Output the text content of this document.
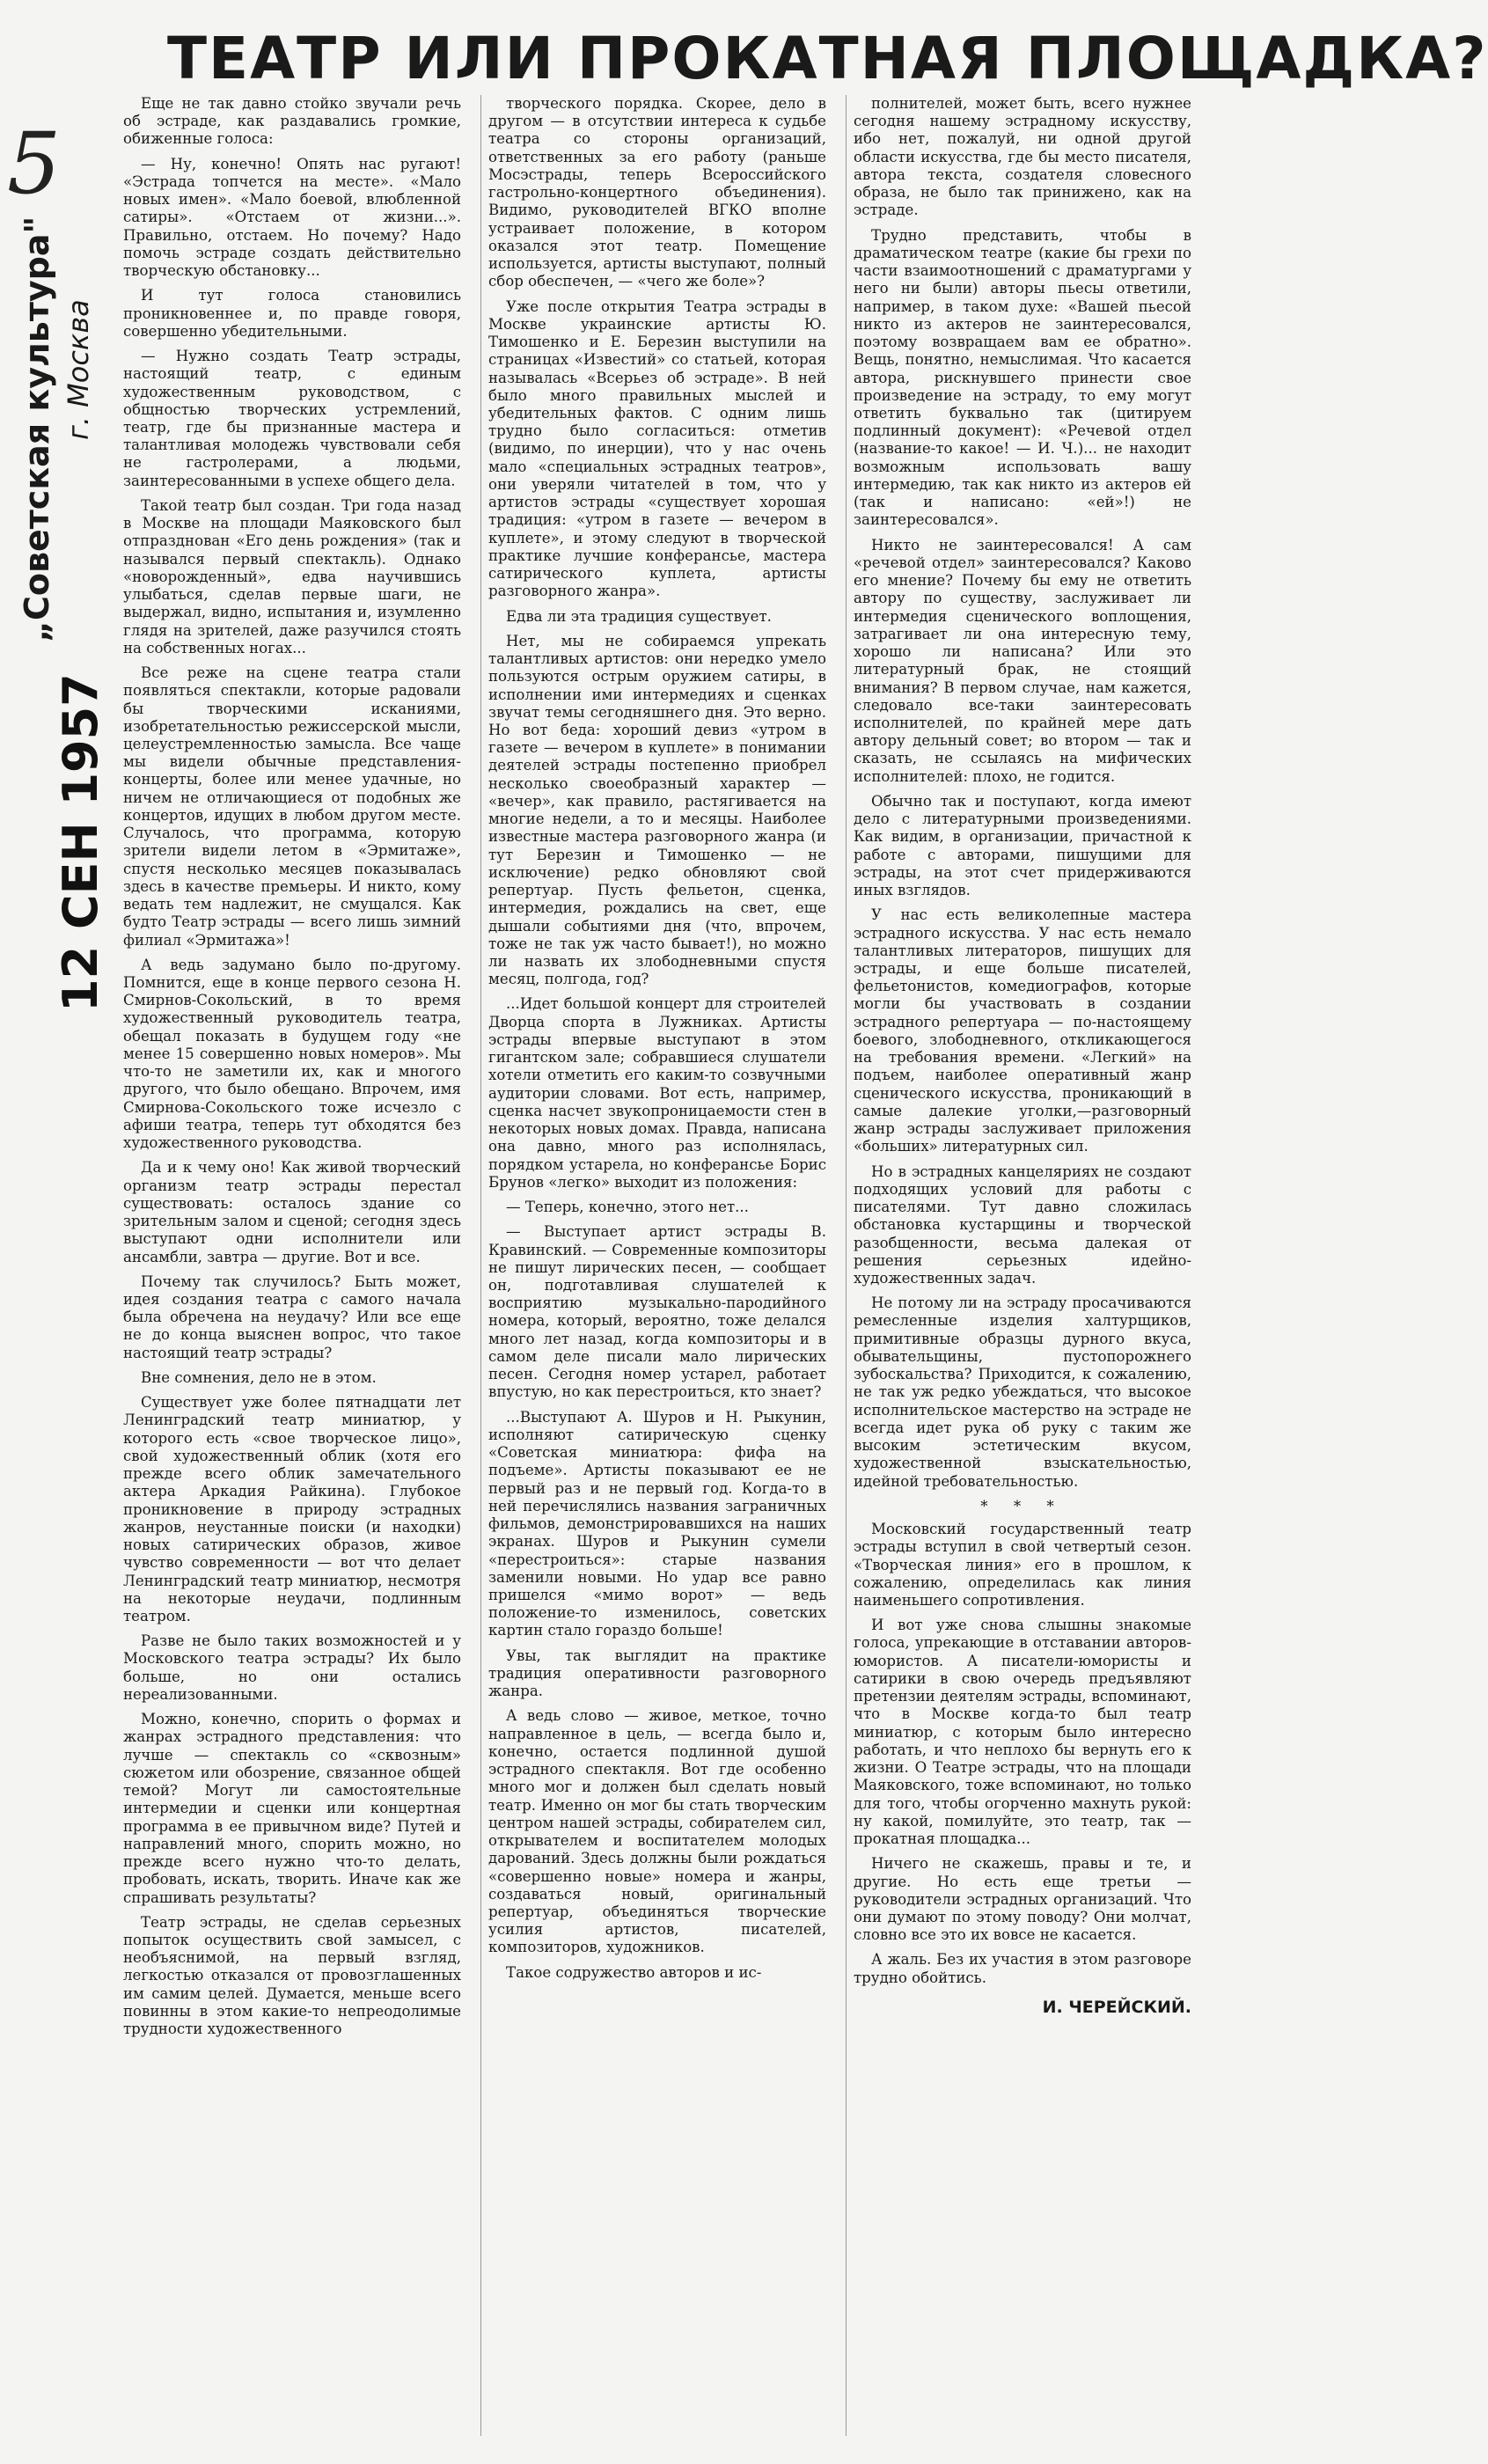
ТЕАТР ИЛИ ПРОКАТНАЯ ПЛОЩАДКА?
5
„Советская культура" г. Москва
12 СЕН 1957

Еще не так давно стойко звучали речь об эстраде, как раздавались громкие, обиженные голоса:

— Ну, конечно! Опять нас ругают! «Эстрада топчется на месте». «Мало новых имен». «Мало боевой, влюбленной сатиры». «Отстаем от жизни...». Правильно, отстаем. Но почему? Надо помочь эстраде создать действительно творческую обстановку...

И тут голоса становились проникновеннее и, по правде говоря, совершенно убедительными.

— Нужно создать Театр эстрады, настоящий театр, с единым художественным руководством, с общностью творческих устремлений, театр, где бы признанные мастера и талантливая молодежь чувствовали себя не гастролерами, а людьми, заинтересованными в успехе общего дела.

Такой театр был создан. Три года назад в Москве на площади Маяковского был отпразднован «Его день рождения» (так и назывался первый спектакль). Однако «новорожденный», едва научившись улыбаться, сделав первые шаги, не выдержал, видно, испытания и, изумленно глядя на зрителей, даже разучился стоять на собственных ногах...

Все реже на сцене театра стали появляться спектакли, которые радовали бы творческими исканиями, изобретательностью режиссерской мысли, целеустремленностью замысла. Все чаще мы видели обычные представления-концерты, более или менее удачные, но ничем не отличающиеся от подобных же концертов, идущих в любом другом месте. Случалось, что программа, которую зрители видели летом в «Эрмитаже», спустя несколько месяцев показывалась здесь в качестве премьеры. И никто, кому ведать тем надлежит, не смущался. Как будто Театр эстрады — всего лишь зимний филиал «Эрмитажа»!

А ведь задумано было по-другому. Помнится, еще в конце первого сезона Н. Смирнов-Сокольский, в то время художественный руководитель театра, обещал показать в будущем году «не менее 15 совершенно новых номеров». Мы что-то не заметили их, как и многого другого, что было обещано. Впрочем, имя Смирнова-Сокольского тоже исчезло с афиши театра, теперь тут обходятся без художественного руководства.

Да и к чему оно! Как живой творческий организм театр эстрады перестал существовать: осталось здание со зрительным залом и сценой; сегодня здесь выступают одни исполнители или ансамбли, завтра — другие. Вот и все.

Почему так случилось? Быть может, идея создания театра с самого начала была обречена на неудачу? Или все еще не до конца выяснен вопрос, что такое настоящий театр эстрады?

Вне сомнения, дело не в этом.

Существует уже более пятнадцати лет Ленинградский театр миниатюр, у которого есть «свое творческое лицо», свой художественный облик (хотя его прежде всего облик замечательного актера Аркадия Райкина). Глубокое проникновение в природу эстрадных жанров, неустанные поиски (и находки) новых сатирических образов, живое чувство современности — вот что делает Ленинградский театр миниатюр, несмотря на некоторые неудачи, подлинным театром.

Разве не было таких возможностей и у Московского театра эстрады? Их было больше, но они остались нереализованными.

Можно, конечно, спорить о формах и жанрах эстрадного представления: что лучше — спектакль со «сквозным» сюжетом или обозрение, связанное общей темой? Могут ли самостоятельные интермедии и сценки или концертная программа в ее привычном виде? Путей и направлений много, спорить можно, но прежде всего нужно что-то делать, пробовать, искать, творить. Иначе как же спрашивать результаты?

Театр эстрады, не сделав серьезных попыток осуществить свой замысел, с необъяснимой, на первый взгляд, легкостью отказался от провозглашенных им самим целей. Думается, меньше всего повинны в этом какие-то непреодолимые трудности художественного

творческого порядка. Скорее, дело в другом — в отсутствии интереса к судьбе театра со стороны организаций, ответственных за его работу (раньше Мосэстрады, теперь Всероссийского гастрольно-концертного объединения). Видимо, руководителей ВГКО вполне устраивает положение, в котором оказался этот театр. Помещение используется, артисты выступают, полный сбор обеспечен, — «чего же боле»?

Уже после открытия Театра эстрады в Москве украинские артисты Ю. Тимошенко и Е. Березин выступили на страницах «Известий» со статьей, которая называлась «Всерьез об эстраде». В ней было много правильных мыслей и убедительных фактов. С одним лишь трудно было согласиться: отметив (видимо, по инерции), что у нас очень мало «специальных эстрадных театров», они уверяли читателей в том, что у артистов эстрады «существует хорошая традиция: «утром в газете — вечером в куплете», и этому следуют в творческой практике лучшие конферансье, мастера сатирического куплета, артисты разговорного жанра».

Едва ли эта традиция существует.

Нет, мы не собираемся упрекать талантливых артистов: они нередко умело пользуются острым оружием сатиры, в исполнении ими интермедиях и сценках звучат темы сегодняшнего дня. Это верно. Но вот беда: хороший девиз «утром в газете — вечером в куплете» в понимании деятелей эстрады постепенно приобрел несколько своеобразный характер — «вечер», как правило, растягивается на многие недели, а то и месяцы. Наиболее известные мастера разговорного жанра (и тут Березин и Тимошенко — не исключение) редко обновляют свой репертуар. Пусть фельетон, сценка, интермедия, рождались на свет, еще дышали событиями дня (что, впрочем, тоже не так уж часто бывает!), но можно ли назвать их злободневными спустя месяц, полгода, год?

...Идет большой концерт для строителей Дворца спорта в Лужниках. Артисты эстрады впервые выступают в этом гигантском зале; собравшиеся слушатели хотели отметить его каким-то созвучными аудитории словами. Вот есть, например, сценка насчет звукопроницаемости стен в некоторых новых домах. Правда, написана она давно, много раз исполнялась, порядком устарела, но конферансье Борис Брунов «легко» выходит из положения:

— Теперь, конечно, этого нет...

— Выступает артист эстрады В. Кравинский. — Современные композиторы не пишут лирических песен, — сообщает он, подготавливая слушателей к восприятию музыкально-пародийного номера, который, вероятно, тоже делался много лет назад, когда композиторы и в самом деле писали мало лирических песен. Сегодня номер устарел, работает впустую, но как перестроиться, кто знает?

...Выступают А. Шуров и Н. Рыкунин, исполняют сатирическую сценку «Советская миниатюра: фифа на подъеме». Артисты показывают ее не первый раз и не первый год. Когда-то в ней перечислялись названия заграничных фильмов, демонстрировавшихся на наших экранах. Шуров и Рыкунин сумели «перестроиться»: старые названия заменили новыми. Но удар все равно пришелся «мимо ворот» — ведь положение-то изменилось, советских картин стало гораздо больше!

Увы, так выглядит на практике традиция оперативности разговорного жанра.

А ведь слово — живое, меткое, точно направленное в цель, — всегда было и, конечно, остается подлинной душой эстрадного спектакля. Вот где особенно много мог и должен был сделать новый театр. Именно он мог бы стать творческим центром нашей эстрады, собирателем сил, открывателем и воспитателем молодых дарований. Здесь должны были рождаться «совершенно новые» номера и жанры, создаваться новый, оригинальный репертуар, объединяться творческие усилия артистов, писателей, композиторов, художников.

Такое содружество авторов и ис-

полнителей, может быть, всего нужнее сегодня нашему эстрадному искусству, ибо нет, пожалуй, ни одной другой области искусства, где бы место писателя, автора текста, создателя словесного образа, не было так принижено, как на эстраде.

Трудно представить, чтобы в драматическом театре (какие бы грехи по части взаимоотношений с драматургами у него ни были) авторы пьесы ответили, например, в таком духе: «Вашей пьесой никто из актеров не заинтересовался, поэтому возвращаем вам ее обратно». Вещь, понятно, немыслимая. Что касается автора, рискнувшего принести свое произведение на эстраду, то ему могут ответить буквально так (цитируем подлинный документ): «Речевой отдел (название-то какое! — И. Ч.)... не находит возможным использовать вашу интермедию, так как никто из актеров ей (так и написано: «ей»!) не заинтересовался».

Никто не заинтересовался! А сам «речевой отдел» заинтересовался? Каково его мнение? Почему бы ему не ответить автору по существу, заслуживает ли интермедия сценического воплощения, затрагивает ли она интересную тему, хорошо ли написана? Или это литературный брак, не стоящий внимания? В первом случае, нам кажется, следовало все-таки заинтересовать исполнителей, по крайней мере дать автору дельный совет; во втором — так и сказать, не ссылаясь на мифических исполнителей: плохо, не годится.

Обычно так и поступают, когда имеют дело с литературными произведениями. Как видим, в организации, причастной к работе с авторами, пишущими для эстрады, на этот счет придерживаются иных взглядов.

У нас есть великолепные мастера эстрадного искусства. У нас есть немало талантливых литераторов, пишущих для эстрады, и еще больше писателей, фельетонистов, комедиографов, которые могли бы участвовать в создании эстрадного репертуара — по-настоящему боевого, злободневного, откликающегося на требования времени. «Легкий» на подъем, наиболее оперативный жанр сценического искусства, проникающий в самые далекие уголки,—разговорный жанр эстрады заслуживает приложения «больших» литературных сил.

Но в эстрадных канцеляриях не создают подходящих условий для работы с писателями. Тут давно сложилась обстановка кустарщины и творческой разобщенности, весьма далекая от решения серьезных идейно-художественных задач.

Не потому ли на эстраду просачиваются ремесленные изделия халтурщиков, примитивные образцы дурного вкуса, обывательщины, пустопорожнего зубоскальства? Приходится, к сожалению, не так уж редко убеждаться, что высокое исполнительское мастерство на эстраде не всегда идет рука об руку с таким же высоким эстетическим вкусом, художественной взыскательностью, идейной требовательностью.

* * *

Московский государственный театр эстрады вступил в свой четвертый сезон. «Творческая линия» его в прошлом, к сожалению, определилась как линия наименьшего сопротивления.

И вот уже снова слышны знакомые голоса, упрекающие в отставании авторов-юмористов. А писатели-юмористы и сатирики в свою очередь предъявляют претензии деятелям эстрады, вспоминают, что в Москве когда-то был театр миниатюр, с которым было интересно работать, и что неплохо бы вернуть его к жизни. О Театре эстрады, что на площади Маяковского, тоже вспоминают, но только для того, чтобы огорченно махнуть рукой: ну какой, помилуйте, это театр, так — прокатная площадка...

Ничего не скажешь, правы и те, и другие. Но есть еще третьи — руководители эстрадных организаций. Что они думают по этому поводу? Они молчат, словно все это их вовсе не касается.

А жаль. Без их участия в этом разговоре трудно обойтись.

И. ЧЕРЕЙСКИЙ.
